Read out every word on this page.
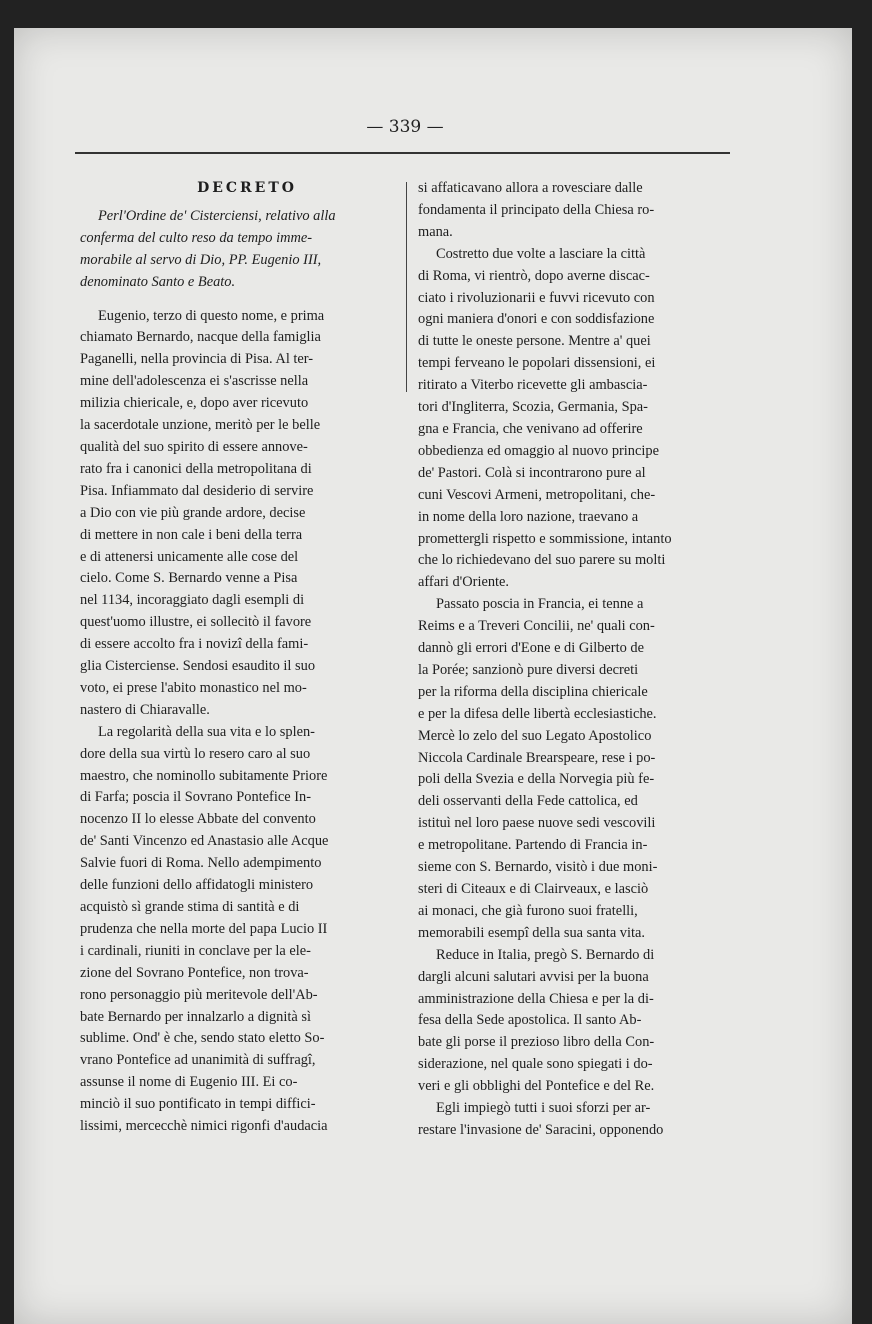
— 339 —
DECRETO
Perl'Ordine de' Cisterciensi, relativo alla
conferma del culto reso da tempo imme-
morabile al servo di Dio, PP. Eugenio III,
denominato Santo e Beato.
Eugenio, terzo di questo nome, e prima
chiamato Bernardo, nacque della famiglia
Paganelli, nella provincia di Pisa. Al ter-
mine dell'adolescenza ei s'ascrisse nella
milizia chiericale, e, dopo aver ricevuto
la sacerdotale unzione, meritò per le belle
qualità del suo spirito di essere annove-
rato fra i canonici della metropolitana di
Pisa. Infiammato dal desiderio di servire
a Dio con vie più grande ardore, decise
di mettere in non cale i beni della terra
e di attenersi unicamente alle cose del
cielo. Come S. Bernardo venne a Pisa
nel 1134, incoraggiato dagli esempli di
quest'uomo illustre, ei sollecitò il favore
di essere accolto fra i novizî della fami-
glia Cisterciense. Sendosi esaudito il suo
voto, ei prese l'abito monastico nel mo-
nastero di Chiaravalle.
La regolarità della sua vita e lo splen-
dore della sua virtù lo resero caro al suo
maestro, che nominollo subitamente Priore
di Farfa; poscia il Sovrano Pontefice In-
nocenzo II lo elesse Abbate del convento
de' Santi Vincenzo ed Anastasio alle Acque
Salvie fuori di Roma. Nello adempimento
delle funzioni dello affidatogli ministero
acquistò sì grande stima di santità e di
prudenza che nella morte del papa Lucio II
i cardinali, riuniti in conclave per la ele-
zione del Sovrano Pontefice, non trova-
rono personaggio più meritevole dell'Ab-
bate Bernardo per innalzarlo a dignità sì
sublime. Ond' è che, sendo stato eletto So-
vrano Pontefice ad unanimità di suffragî,
assunse il nome di Eugenio III. Ei co-
minciò il suo pontificato in tempi diffici-
lissimi, mercecchè nimici rigonfi d'audacia
si affaticavano allora a rovesciare dalle
fondamenta il principato della Chiesa ro-
mana.
Costretto due volte a lasciare la città
di Roma, vi rientrò, dopo averne discac-
ciato i rivoluzionarii e fuvvi ricevuto con
ogni maniera d'onori e con soddisfazione
di tutte le oneste persone. Mentre a' quei
tempi ferveano le popolari dissensioni, ei
ritirato a Viterbo ricevette gli ambascia-
tori d'Ingliterra, Scozia, Germania, Spa-
gna e Francia, che venivano ad offerire
obbedienza ed omaggio al nuovo principe
de' Pastori. Colà si incontrarono pure al
cuni Vescovi Armeni, metropolitani, che-
in nome della loro nazione, traevano a
promettergli rispetto e sommissione, intanto
che lo richiedevano del suo parere su molti
affari d'Oriente.
Passato poscia in Francia, ei tenne a
Reims e a Treveri Concilii, ne' quali con-
dannò gli errori d'Eone e di Gilberto de
la Porée; sanzionò pure diversi decreti
per la riforma della disciplina chiericale
e per la difesa delle libertà ecclesiastiche.
Mercè lo zelo del suo Legato Apostolico
Niccola Cardinale Brearspeare, rese i po-
poli della Svezia e della Norvegia più fe-
deli osservanti della Fede cattolica, ed
istituì nel loro paese nuove sedi vescovili
e metropolitane. Partendo di Francia in-
sieme con S. Bernardo, visitò i due moni-
steri di Citeaux e di Clairveaux, e lasciò
ai monaci, che già furono suoi fratelli,
memorabili esempî della sua santa vita.
Reduce in Italia, pregò S. Bernardo di
dargli alcuni salutari avvisi per la buona
amministrazione della Chiesa e per la di-
fesa della Sede apostolica. Il santo Ab-
bate gli porse il prezioso libro della Con-
siderazione, nel quale sono spiegati i do-
veri e gli obblighi del Pontefice e del Re.
Egli impiegò tutti i suoi sforzi per ar-
restare l'invasione de' Saracini, opponendo
